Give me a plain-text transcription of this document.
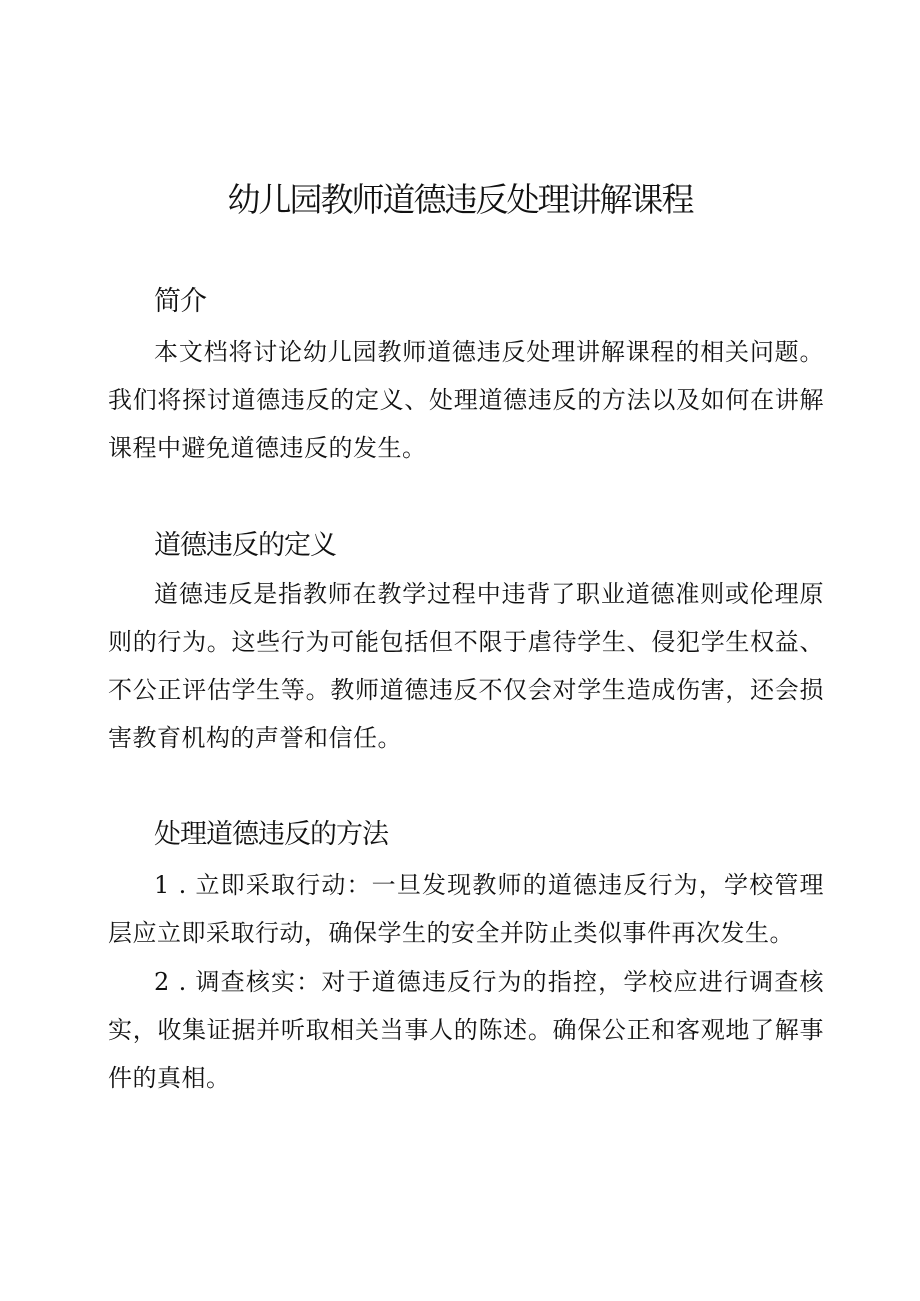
幼儿园教师道德违反处理讲解课程
简介

本文档将讨论幼儿园教师道德违反处理讲解课程的相关问题。我们将探讨道德违反的定义、处理道德违反的方法以及如何在讲解课程中避免道德违反的发生。

道德违反的定义

道德违反是指教师在教学过程中违背了职业道德准则或伦理原则的行为。这些行为可能包括但不限于虐待学生、侵犯学生权益、不公正评估学生等。教师道德违反不仅会对学生造成伤害，还会损害教育机构的声誉和信任。

处理道德违反的方法

1 . 立即采取行动：一旦发现教师的道德违反行为，学校管理层应立即采取行动，确保学生的安全并防止类似事件再次发生。

2 . 调查核实：对于道德违反行为的指控，学校应进行调查核实，收集证据并听取相关当事人的陈述。确保公正和客观地了解事件的真相。
